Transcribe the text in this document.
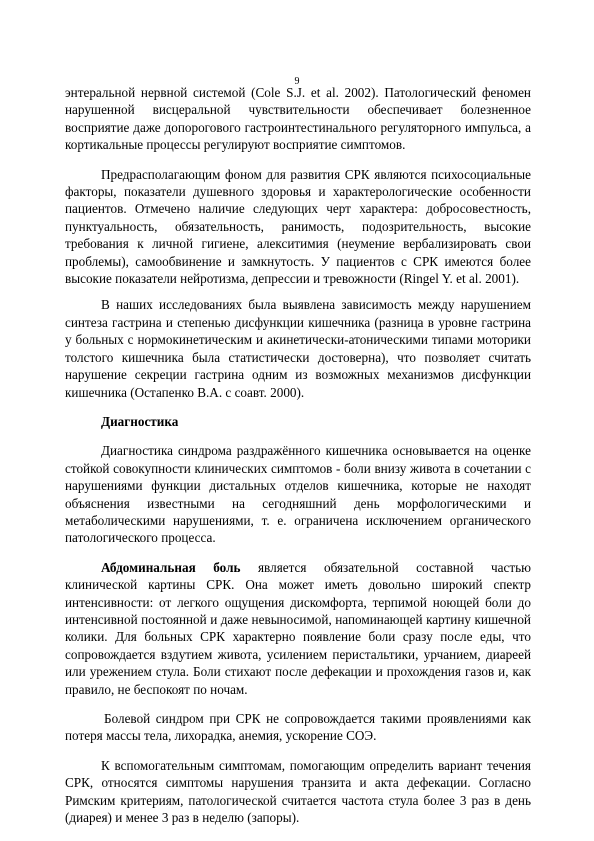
9

энтеральной нервной системой (Cole S.J. et al. 2002). Патологический феномен нарушенной висцеральной чувствительности обеспечивает болезненное восприятие даже допорогового гастроинтестинального регуляторного импульса, а кортикальные процессы регулируют восприятие симптомов.

Предрасполагающим фоном для развития СРК являются психосоциальные факторы, показатели душевного здоровья и характерологические особенности пациентов. Отмечено наличие следующих черт характера: добросовестность, пунктуальность, обязательность, ранимость, подозрительность, высокие требования к личной гигиене, алекситимия (неумение вербализировать свои проблемы), самообвинение и замкнутость. У пациентов с СРК имеются более высокие показатели нейротизма, депрессии и тревожности (Ringel Y. et al. 2001).

В наших исследованиях была выявлена зависимость между нарушением синтеза гастрина и степенью дисфункции кишечника (разница в уровне гастрина у больных с нормокинетическим и акинетически-атоническими типами моторики толстого кишечника была статистически достоверна), что позволяет считать нарушение секреции гастрина одним из возможных механизмов дисфункции кишечника (Остапенко В.А. с соавт. 2000).

Диагностика

Диагностика синдрома раздражённого кишечника основывается на оценке стойкой совокупности клинических симптомов - боли внизу живота в сочетании с нарушениями функции дистальных отделов кишечника, которые не находят объяснения известными на сегодняшний день морфологическими и метаболическими нарушениями, т. е. ограничена исключением органического патологического процесса.

Абдоминальная боль является обязательной составной частью клинической картины СРК. Она может иметь довольно широкий спектр интенсивности: от легкого ощущения дискомфорта, терпимой ноющей боли до интенсивной постоянной и даже невыносимой, напоминающей картину кишечной колики. Для больных СРК характерно появление боли сразу после еды, что сопровождается вздутием живота, усилением перистальтики, урчанием, диареей или урежением стула. Боли стихают после дефекации и прохождения газов и, как правило, не беспокоят по ночам.

Болевой синдром при СРК не сопровождается такими проявлениями как потеря массы тела, лихорадка, анемия, ускорение СОЭ.

К вспомогательным симптомам, помогающим определить вариант течения СРК, относятся симптомы нарушения транзита и акта дефекации. Согласно Римским критериям, патологической считается частота стула более 3 раз в день (диарея) и менее 3 раз в неделю (запоры).
